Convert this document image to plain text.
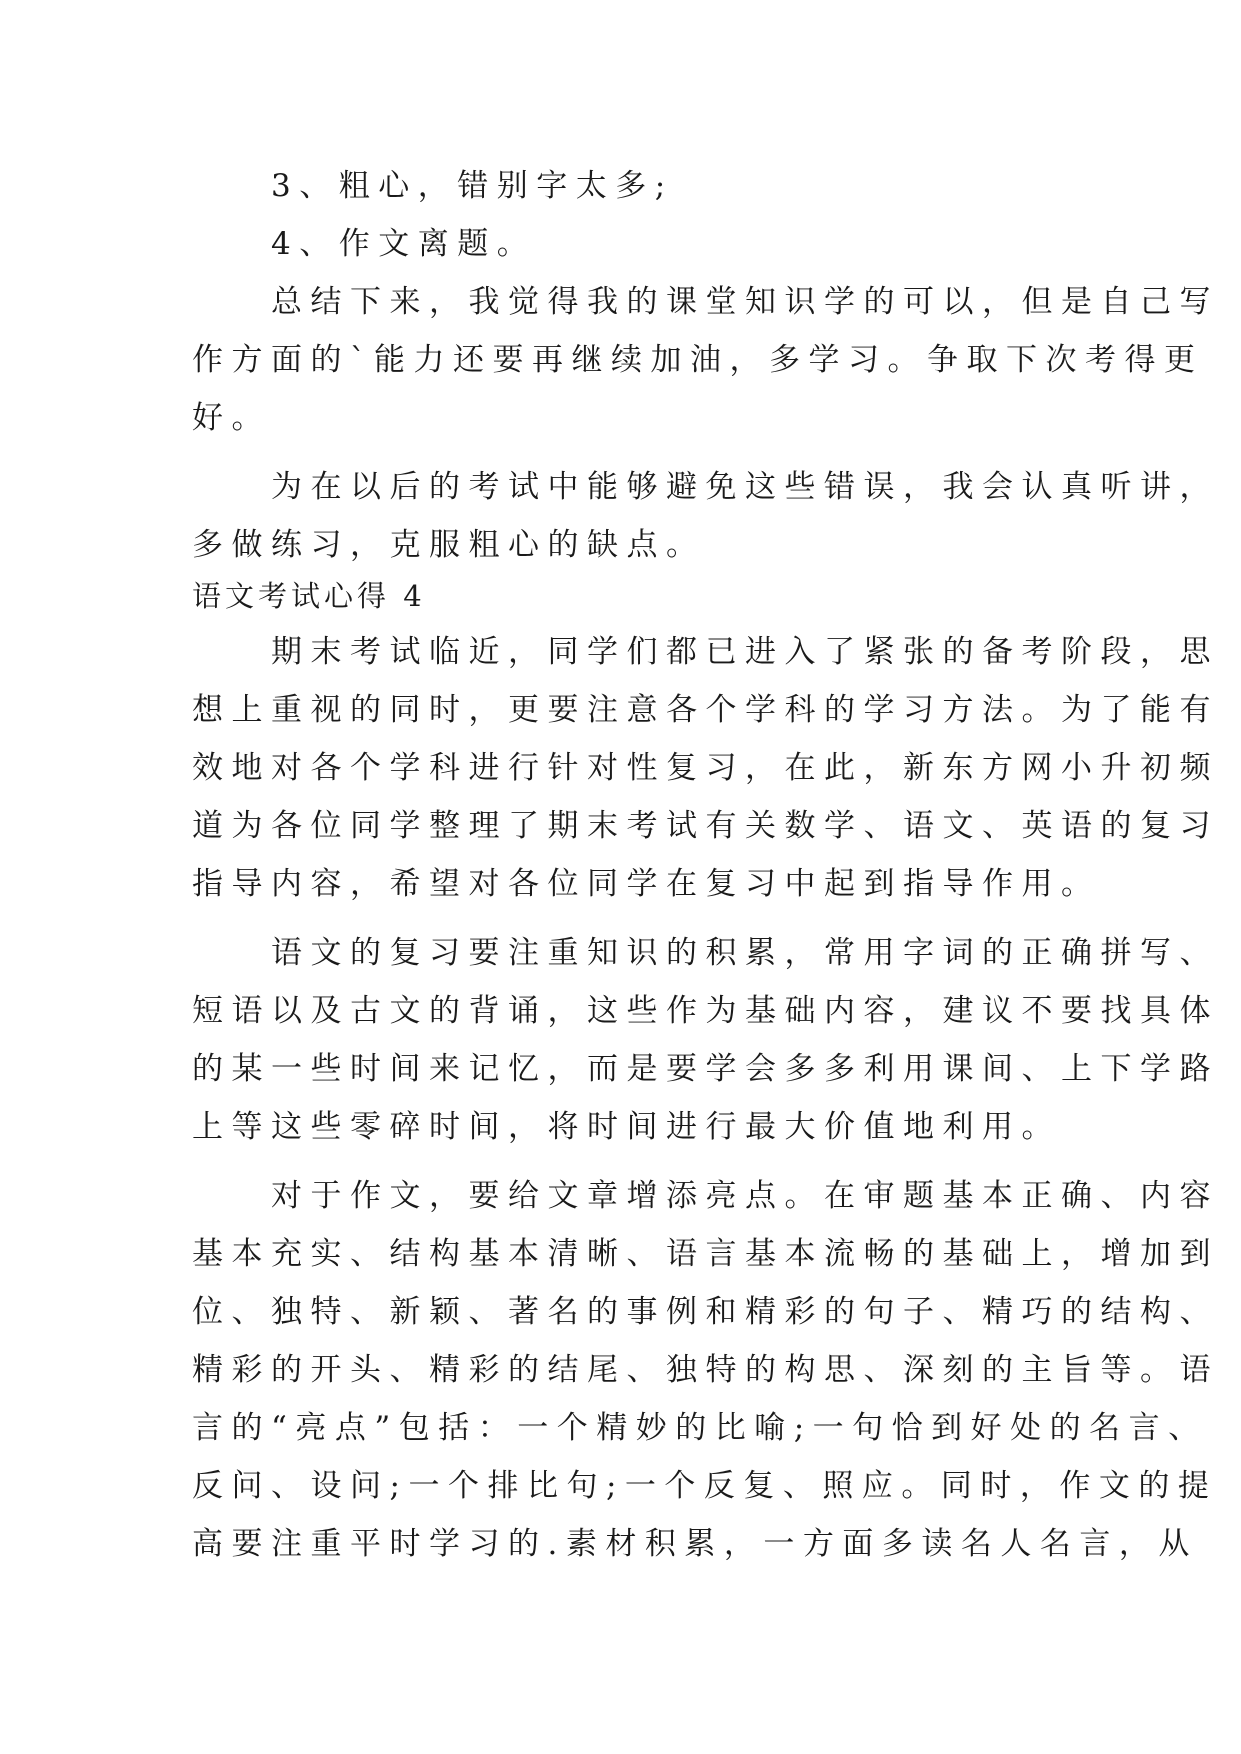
　　3、粗心，错别字太多;

　　4、作文离题。

　　总结下来，我觉得我的课堂知识学的可以，但是自己写

作方面的`能力还要再继续加油，多学习。争取下次考得更

好。

　　为在以后的考试中能够避免这些错误，我会认真听讲，

多做练习，克服粗心的缺点。

语文考试心得 4

　　期末考试临近，同学们都已进入了紧张的备考阶段，思

想上重视的同时，更要注意各个学科的学习方法。为了能有

效地对各个学科进行针对性复习，在此，新东方网小升初频

道为各位同学整理了期末考试有关数学、语文、英语的复习

指导内容，希望对各位同学在复习中起到指导作用。

　　语文的复习要注重知识的积累，常用字词的正确拼写、

短语以及古文的背诵，这些作为基础内容，建议不要找具体

的某一些时间来记忆，而是要学会多多利用课间、上下学路

上等这些零碎时间，将时间进行最大价值地利用。

　　对于作文，要给文章增添亮点。在审题基本正确、内容

基本充实、结构基本清晰、语言基本流畅的基础上，增加到

位、独特、新颖、著名的事例和精彩的句子、精巧的结构、

精彩的开头、精彩的结尾、独特的构思、深刻的主旨等。语

言的“亮点”包括：一个精妙的比喻;一句恰到好处的名言、

反问、设问;一个排比句;一个反复、照应。同时，作文的提

高要注重平时学习的.素材积累，一方面多读名人名言，从
